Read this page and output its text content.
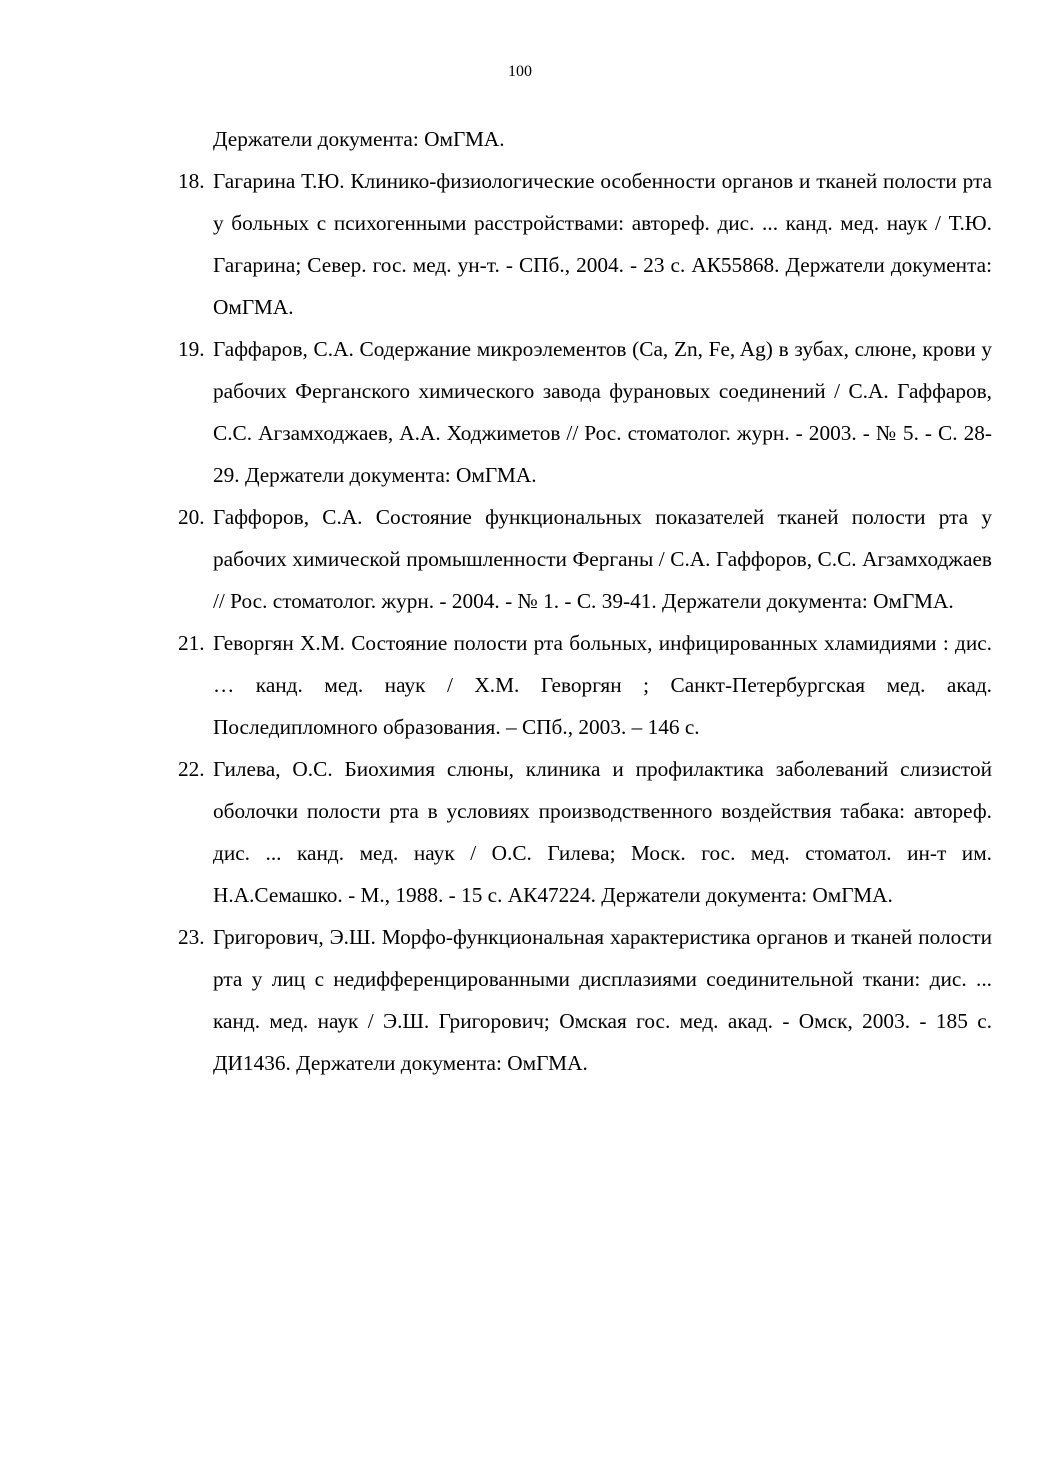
100
Держатели документа: ОмГМА.
18. Гагарина Т.Ю. Клинико-физиологические особенности органов и тканей полости рта у больных с психогенными расстройствами: автореф. дис. ... канд. мед. наук / Т.Ю. Гагарина; Север. гос. мед. ун-т. - СПб., 2004. - 23 с. АК55868. Держатели документа: ОмГМА.
19. Гаффаров, С.А. Содержание микроэлементов (Ca, Zn, Fe, Ag) в зубах, слюне, крови у рабочих Ферганского химического завода фурановых соединений / С.А. Гаффаров, С.С. Агзамходжаев, А.А. Ходжиметов // Рос. стоматолог. журн. - 2003. - № 5. - С. 28-29. Держатели документа: ОмГМА.
20. Гаффоров, С.А. Состояние функциональных показателей тканей полости рта у рабочих химической промышленности Ферганы / С.А. Гаффоров, С.С. Агзамходжаев // Рос. стоматолог. журн. - 2004. - № 1. - С. 39-41. Держатели документа: ОмГМА.
21. Геворгян Х.М. Состояние полости рта больных, инфицированных хламидиями : дис. … канд. мед. наук / Х.М. Геворгян ; Санкт-Петербургская мед. акад. Последипломного образования. – СПб., 2003. – 146 с.
22. Гилева, О.С. Биохимия слюны, клиника и профилактика заболеваний слизистой оболочки полости рта в условиях производственного воздействия табака: автореф. дис. ... канд. мед. наук / О.С. Гилева; Моск. гос. мед. стоматол. ин-т им. Н.А.Семашко. - М., 1988. - 15 с. АК47224. Держатели документа: ОмГМА.
23. Григорович, Э.Ш. Морфо-функциональная характеристика органов и тканей полости рта у лиц с недифференцированными дисплазиями соединительной ткани: дис. ... канд. мед. наук / Э.Ш. Григорович; Омская гос. мед. акад. - Омск, 2003. - 185 с. ДИ1436. Держатели документа: ОмГМА.
